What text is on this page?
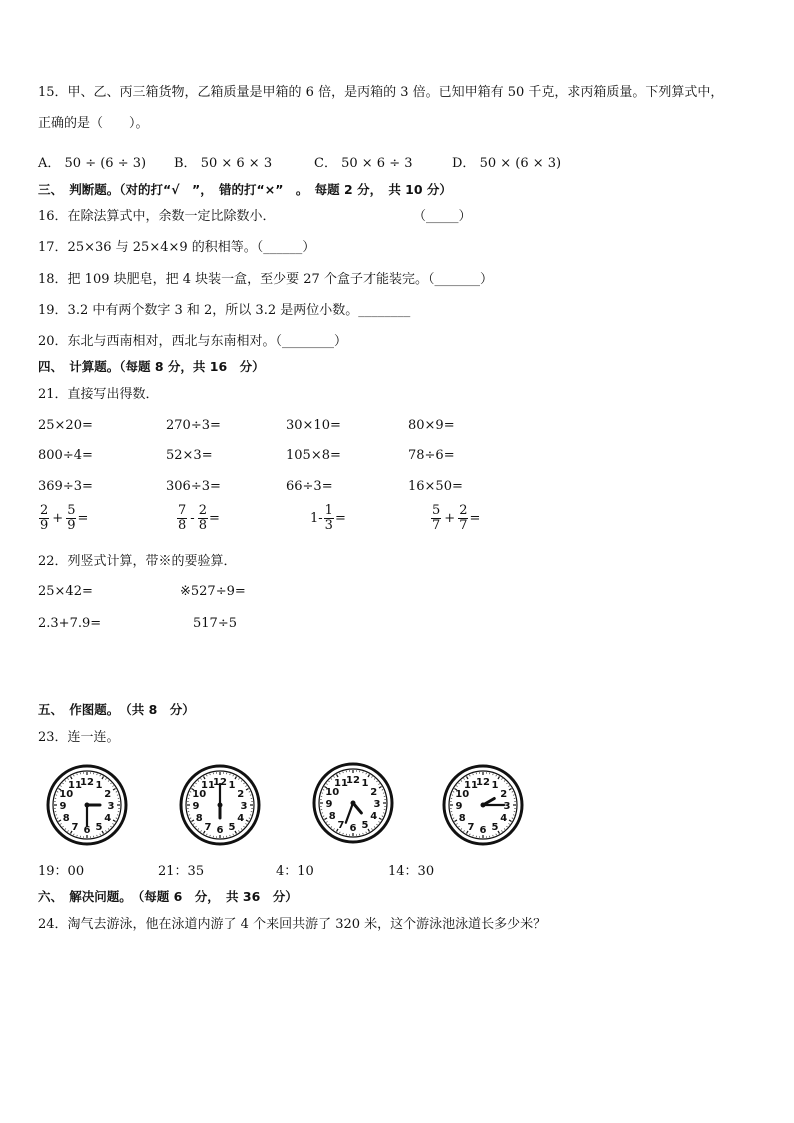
15．甲、乙、丙三箱货物，乙箱质量是甲箱的 6 倍，是丙箱的 3 倍。已知甲箱有 50 千克，求丙箱质量。下列算式中，
正确的是（　　）。
A． 50 ÷ (6 ÷ 3) B． 50 × 6 × 3	C． 50 × 6 ÷ 3	D． 50 × (6 × 3)
三、　判断题。（对的打“√　”，　错的打“×”　。　每题 2 分，　共 10 分）
16．在除法算式中，余数一定比除数小．	（_____）
17．25×36 与 25×4×9 的积相等。（______）
18．把 109 块肥皂，把 4 块装一盒，至少要 27 个盒子才能装完。（_______）
19．3.2 中有两个数字 3 和 2，所以 3.2 是两位小数。________
20．东北与西南相对，西北与东南相对。（________）
四、　计算题。（每题 8 分，共 16　分）
21．直接写出得数．
25×20=	270÷3=	30×10=	80×9=
800÷4=	52×3=	105×8=	78÷6=
369÷3=	306÷3=	66÷3=	16×50=
$\frac{2}{9} + \frac{5}{9}$ =	$\frac{7}{8} - \frac{2}{8}$ =	$1- \frac{1}{3}$ =	$\frac{5}{7} + \frac{2}{7}$ =
22．列竖式计算，带※的要验算．
25×42=	※527÷9=
2.3+7.9=	517÷5
五、　作图题。　（共 8　分）
23．连一连。
12 1
2
3
4
5
6
7
8
9
10
11	12 1
2
3
4
5
6
7
8
9
10
11	12 1
2
3
4
5
6
7
8
9
10
11	12 1
2
3
4
5
6
7
8
9
10
11
19：00	21：35	4：10	14：30
六、　解决问题。　（每题 6　分，　共 36　分）
24．淘气去游泳，他在泳道内游了 4 个来回共游了 320 米，这个游泳池泳道长多少米？
